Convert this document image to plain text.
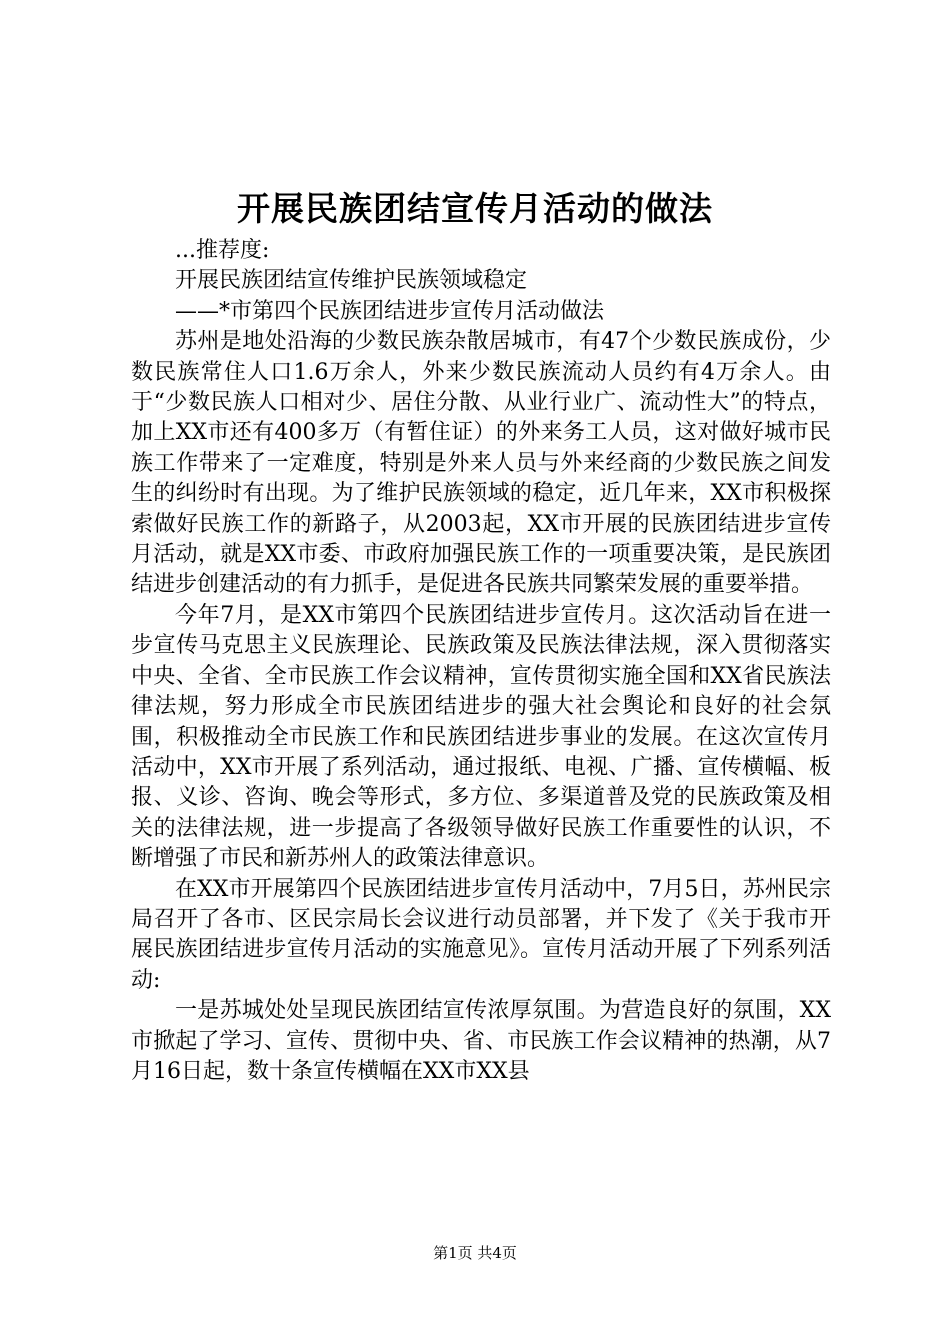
开展民族团结宣传月活动的做法

...推荐度:

开展民族团结宣传维护民族领域稳定

——*市第四个民族团结进步宣传月活动做法

苏州是地处沿海的少数民族杂散居城市，有47个少数民族成份，少数民族常住人口1.6万余人，外来少数民族流动人员约有4万余人。由于“少数民族人口相对少、居住分散、从业行业广、流动性大”的特点，加上XX市还有400多万（有暂住证）的外来务工人员，这对做好城市民族工作带来了一定难度，特别是外来人员与外来经商的少数民族之间发生的纠纷时有出现。为了维护民族领域的稳定，近几年来，XX市积极探索做好民族工作的新路子，从2003起，XX市开展的民族团结进步宣传月活动，就是XX市委、市政府加强民族工作的一项重要决策，是民族团结进步创建活动的有力抓手，是促进各民族共同繁荣发展的重要举措。

今年7月，是XX市第四个民族团结进步宣传月。这次活动旨在进一步宣传马克思主义民族理论、民族政策及民族法律法规，深入贯彻落实中央、全省、全市民族工作会议精神，宣传贯彻实施全国和XX省民族法律法规，努力形成全市民族团结进步的强大社会舆论和良好的社会氛围，积极推动全市民族工作和民族团结进步事业的发展。在这次宣传月活动中，XX市开展了系列活动，通过报纸、电视、广播、宣传横幅、板报、义诊、咨询、晚会等形式，多方位、多渠道普及党的民族政策及相关的法律法规，进一步提高了各级领导做好民族工作重要性的认识，不断增强了市民和新苏州人的政策法律意识。

在XX市开展第四个民族团结进步宣传月活动中，7月5日，苏州民宗局召开了各市、区民宗局长会议进行动员部署，并下发了《关于我市开展民族团结进步宣传月活动的实施意见》。宣传月活动开展了下列系列活动:

一是苏城处处呈现民族团结宣传浓厚氛围。为营造良好的氛围，XX市掀起了学习、宣传、贯彻中央、省、市民族工作会议精神的热潮，从7月16日起，数十条宣传横幅在XX市XX县

第1页 共4页
